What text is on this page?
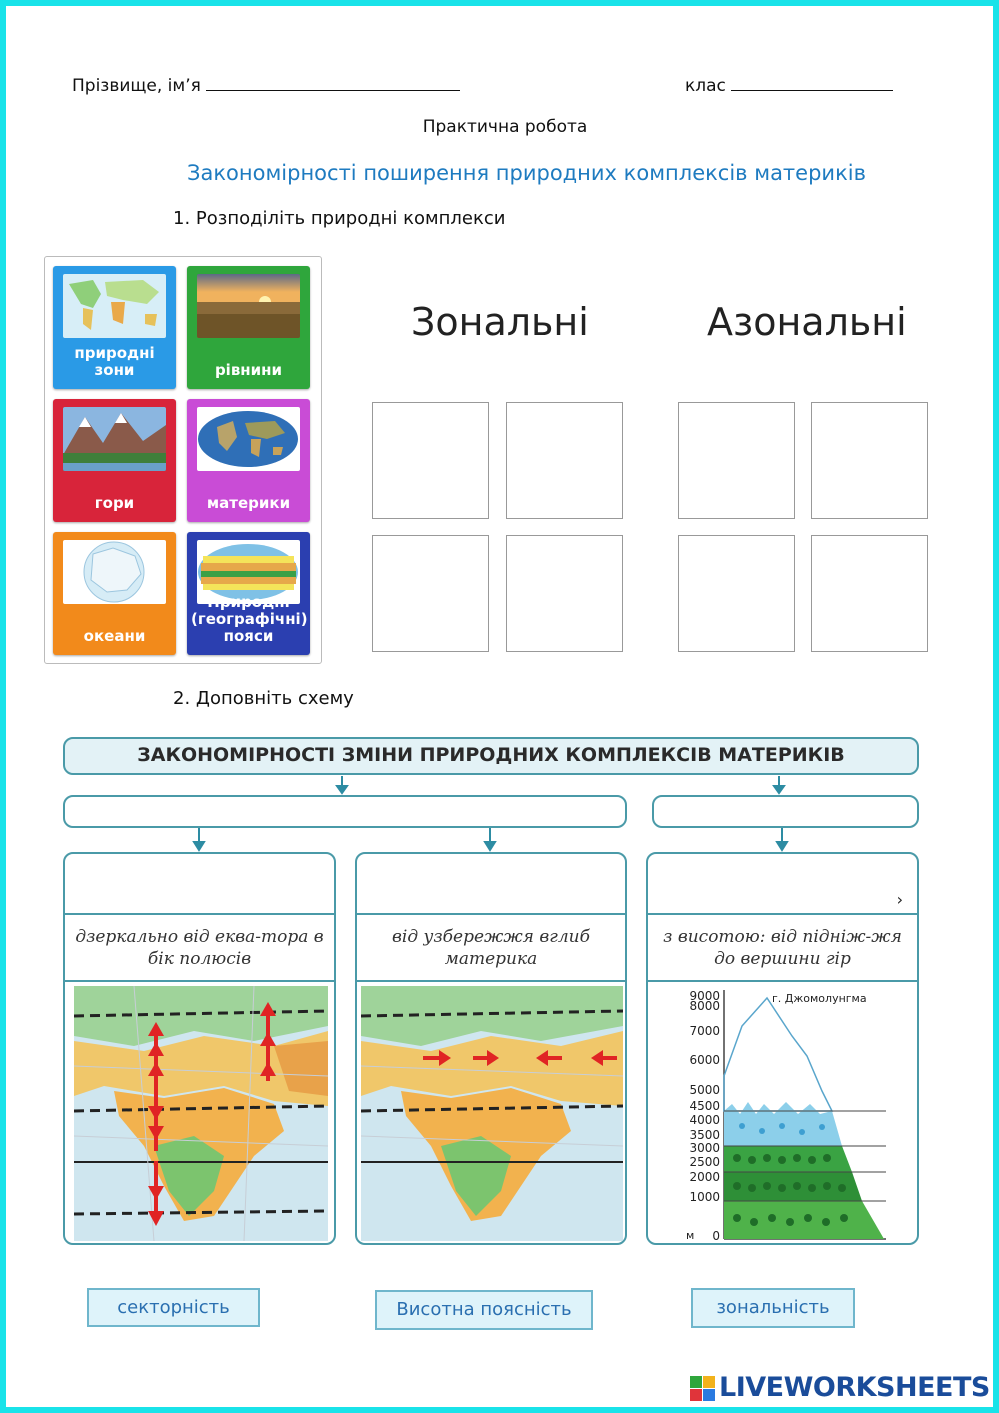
Прізвище, ім’я	клас
Практична робота
Закономірності поширення природних комплексів материків
1. Розподіліть природні комплекси
природні зони	рівнини
гори	материки
океани
Природні (географічні) пояси
Зональні	Азональні
2. Доповніть схему
ЗАКОНОМІРНОСТІ ЗМІНИ ПРИРОДНИХ КОМПЛЕКСІВ МАТЕРИКІВ
дзеркально від еква-тора в бік полюсів
від узбережжя вглиб материка
›
з висотою: від підніж-жя до вершини гір
г. Джомолунгма
9000
8000
7000
6000
5000
4500
4000
3500
3000
2500
2000
1000
0
м
секторність	Висотна поясність	зональність
LIVEWORKSHEETS
